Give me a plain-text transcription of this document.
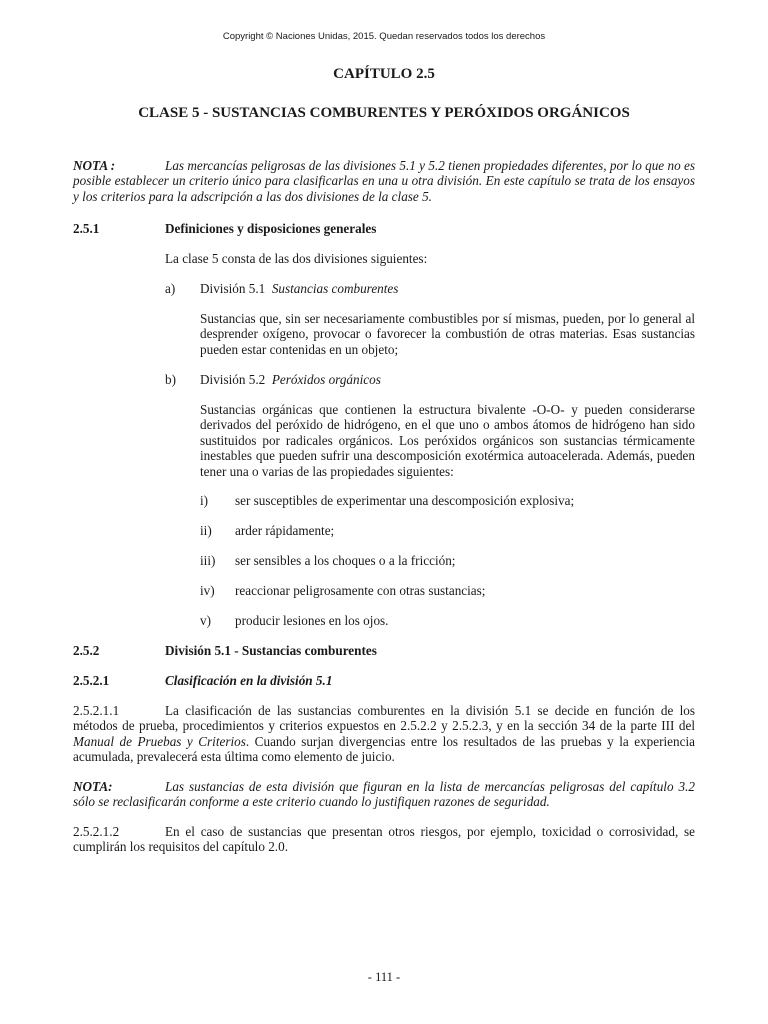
Copyright © Naciones Unidas, 2015. Quedan reservados todos los derechos
CAPÍTULO 2.5
CLASE 5 - SUSTANCIAS COMBURENTES Y PERÓXIDOS ORGÁNICOS

NOTA :	Las mercancías peligrosas de las divisiones 5.1 y 5.2 tienen propiedades diferentes, por lo que no es posible establecer un criterio único para clasificarlas en una u otra división. En este capítulo se trata de los ensayos y los criterios para la adscripción a las dos divisiones de la clase 5.

2.5.1	Definiciones y disposiciones generales

La clase 5 consta de las dos divisiones siguientes:

a) División 5.1 Sustancias comburentes

Sustancias que, sin ser necesariamente combustibles por sí mismas, pueden, por lo general al desprender oxígeno, provocar o favorecer la combustión de otras materias. Esas sustancias pueden estar contenidas en un objeto;

b) División 5.2 Peróxidos orgánicos

Sustancias orgánicas que contienen la estructura bivalente -O-O- y pueden considerarse derivados del peróxido de hidrógeno, en el que uno o ambos átomos de hidrógeno han sido sustituidos por radicales orgánicos. Los peróxidos orgánicos son sustancias térmicamente inestables que pueden sufrir una descomposición exotérmica autoacelerada. Además, pueden tener una o varias de las propiedades siguientes:

i) ser susceptibles de experimentar una descomposición explosiva;
ii) arder rápidamente;
iii) ser sensibles a los choques o a la fricción;
iv) reaccionar peligrosamente con otras sustancias;
v) producir lesiones en los ojos.
2.5.2	División 5.1 - Sustancias comburentes
2.5.2.1	Clasificación en la división 5.1

2.5.2.1.1	La clasificación de las sustancias comburentes en la división 5.1 se decide en función de los métodos de prueba, procedimientos y criterios expuestos en 2.5.2.2 y 2.5.2.3, y en la sección 34 de la parte III del Manual de Pruebas y Criterios. Cuando surjan divergencias entre los resultados de las pruebas y la experiencia acumulada, prevalecerá esta última como elemento de juicio.

NOTA:	Las sustancias de esta división que figuran en la lista de mercancías peligrosas del capítulo 3.2 sólo se reclasificarán conforme a este criterio cuando lo justifiquen razones de seguridad.

2.5.2.1.2	En el caso de sustancias que presentan otros riesgos, por ejemplo, toxicidad o corrosividad, se cumplirán los requisitos del capítulo 2.0.

- 111 -
